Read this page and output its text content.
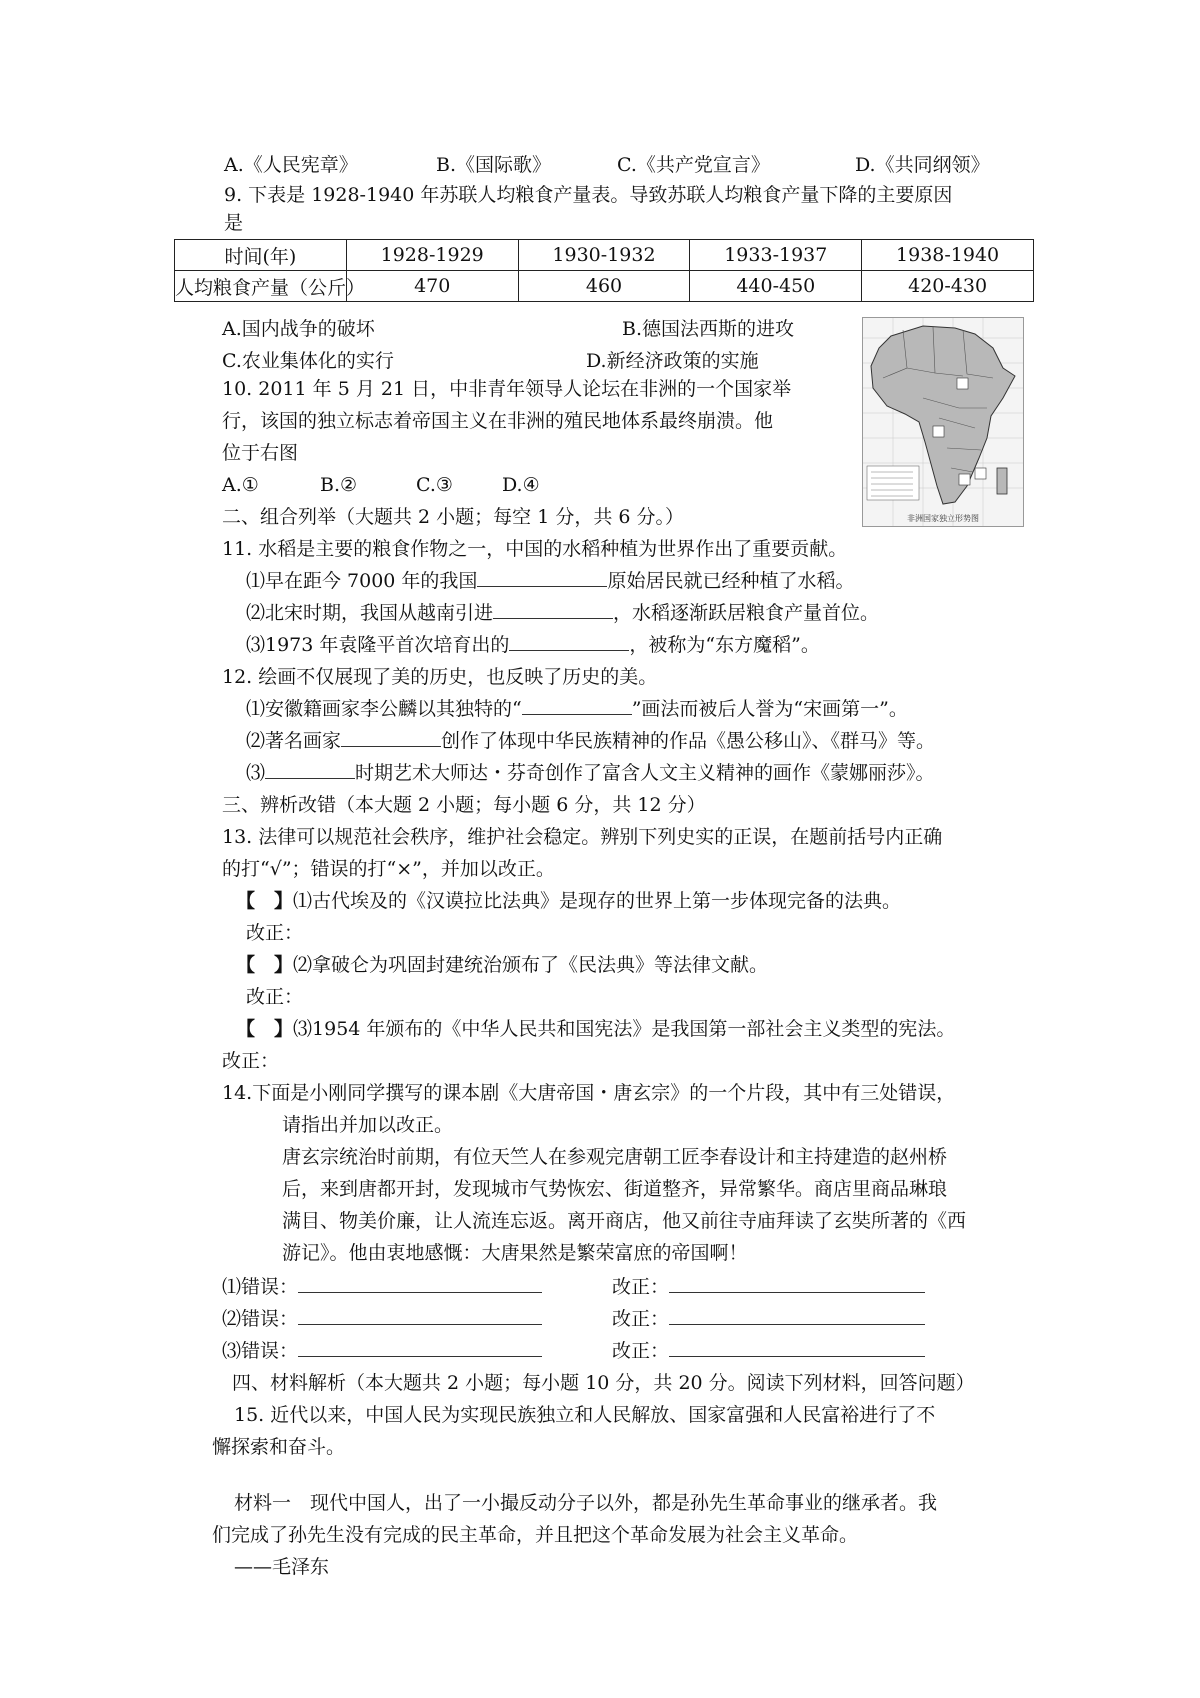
A.《人民宪章》	B.《国际歌》	C.《共产党宣言》	D.《共同纲领》
9. 下表是 1928-1940 年苏联人均粮食产量表。导致苏联人均粮食产量下降的主要原因
是
时间(年)	1928-1929	1930-1932	1933-1937	1938-1940
人均粮食产量（公斤）	470	460	440-450	420-430
A.国内战争的破坏	B.德国法西斯的进攻
C.农业集体化的实行	D.新经济政策的实施
非洲国家独立形势图
10. 2011 年 5 月 21 日，中非青年领导人论坛在非洲的一个国家举
行，该国的独立标志着帝国主义在非洲的殖民地体系最终崩溃。他
位于右图
A.①	B.②	C.③	D.④
二、组合列举（大题共 2 小题；每空 1 分，共 6 分。）
11. 水稻是主要的粮食作物之一，中国的水稻种植为世界作出了重要贡献。
⑴早在距今 7000 年的我国	原始居民就已经种植了水稻。
⑵北宋时期，我国从越南引进	，水稻逐渐跃居粮食产量首位。
⑶1973 年袁隆平首次培育出的	，被称为“东方魔稻”。
12. 绘画不仅展现了美的历史，也反映了历史的美。
⑴安徽籍画家李公麟以其独特的“	”画法而被后人誉为“宋画第一”。
⑵著名画家	创作了体现中华民族精神的作品《愚公移山》、《群马》等。
⑶	时期艺术大师达・芬奇创作了富含人文主义精神的画作《蒙娜丽莎》。
三、辨析改错（本大题 2 小题；每小题 6 分，共 12 分）
13. 法律可以规范社会秩序，维护社会稳定。辨别下列史实的正误，在题前括号内正确
的打“√”；错误的打“×”，并加以改正。
【　】⑴古代埃及的《汉谟拉比法典》是现存的世界上第一步体现完备的法典。
改正：
【　】⑵拿破仑为巩固封建统治颁布了《民法典》等法律文献。
改正：
【　】⑶1954 年颁布的《中华人民共和国宪法》是我国第一部社会主义类型的宪法。
改正：
14.下面是小刚同学撰写的课本剧《大唐帝国・唐玄宗》的一个片段，其中有三处错误，
请指出并加以改正。
唐玄宗统治时前期，有位天竺人在参观完唐朝工匠李春设计和主持建造的赵州桥
后，来到唐都开封，发现城市气势恢宏、街道整齐，异常繁华。商店里商品琳琅
满目、物美价廉，让人流连忘返。离开商店，他又前往寺庙拜读了玄奘所著的《西
游记》。他由衷地感慨：大唐果然是繁荣富庶的帝国啊！
⑴错误：	改正：
⑵错误：	改正：
⑶错误：	改正：
四、材料解析（本大题共 2 小题；每小题 10 分，共 20 分。阅读下列材料，回答问题）
15. 近代以来，中国人民为实现民族独立和人民解放、国家富强和人民富裕进行了不
懈探索和奋斗。
材料一　现代中国人，出了一小撮反动分子以外，都是孙先生革命事业的继承者。我
们完成了孙先生没有完成的民主革命，并且把这个革命发展为社会主义革命。
——毛泽东
